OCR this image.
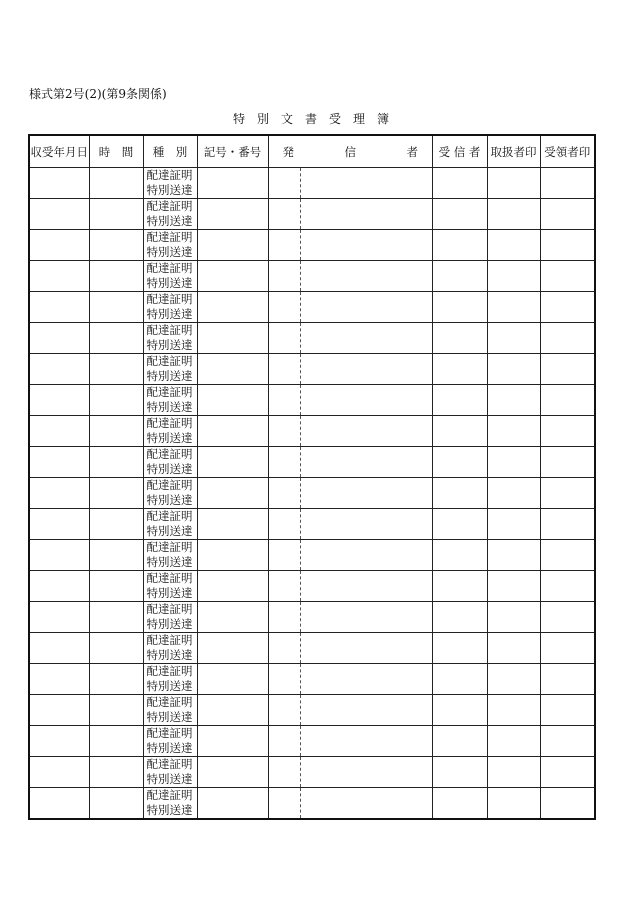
様式第2号(2)(第9条関係)
特別文書受理簿
収受年月日	時　間	種　別	記号・番号	発 信 者		受 信 者	取扱者印	受領者印

		配達証明
特別送達						

		配達証明
特別送達						

		配達証明
特別送達						

		配達証明
特別送達						

		配達証明
特別送達						

		配達証明
特別送達						

		配達証明
特別送達						

		配達証明
特別送達						

		配達証明
特別送達						

		配達証明
特別送達						

		配達証明
特別送達						

		配達証明
特別送達						

		配達証明
特別送達						

		配達証明
特別送達						

		配達証明
特別送達						

		配達証明
特別送達						

		配達証明
特別送達						

		配達証明
特別送達						

		配達証明
特別送達						

		配達証明
特別送達						

		配達証明
特別送達						
